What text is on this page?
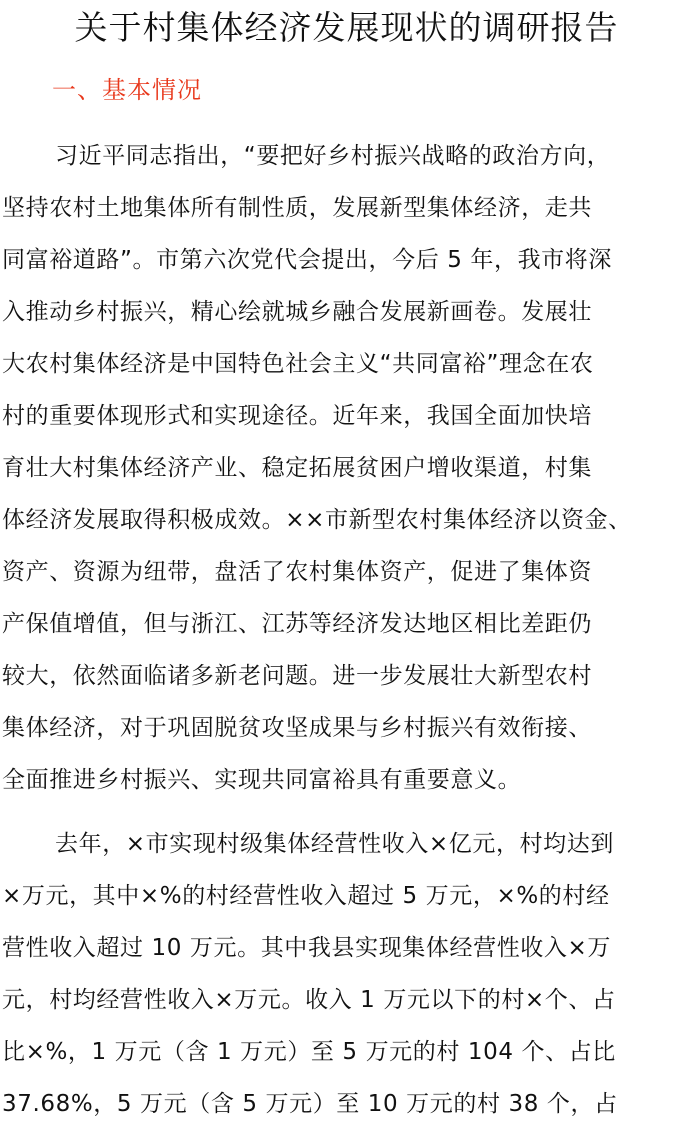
关于村集体经济发展现状的调研报告
一、基本情况
习近平同志指出，“要把好乡村振兴战略的政治方向，
坚持农村土地集体所有制性质，发展新型集体经济，走共
同富裕道路”。市第六次党代会提出，今后 5 年，我市将深
入推动乡村振兴，精心绘就城乡融合发展新画卷。发展壮
大农村集体经济是中国特色社会主义“共同富裕”理念在农
村的重要体现形式和实现途径。近年来，我国全面加快培
育壮大村集体经济产业、稳定拓展贫困户增收渠道，村集
体经济发展取得积极成效。××市新型农村集体经济以资金、
资产、资源为纽带，盘活了农村集体资产，促进了集体资
产保值增值，但与浙江、江苏等经济发达地区相比差距仍
较大，依然面临诸多新老问题。进一步发展壮大新型农村
集体经济，对于巩固脱贫攻坚成果与乡村振兴有效衔接、
全面推进乡村振兴、实现共同富裕具有重要意义。
去年，×市实现村级集体经营性收入×亿元，村均达到
×万元，其中×%的村经营性收入超过 5 万元，×%的村经
营性收入超过 10 万元。其中我县实现集体经营性收入×万
元，村均经营性收入×万元。收入 1 万元以下的村×个、占
比×%，1 万元（含 1 万元）至 5 万元的村 104 个、占比
37.68%，5 万元（含 5 万元）至 10 万元的村 38 个，占
